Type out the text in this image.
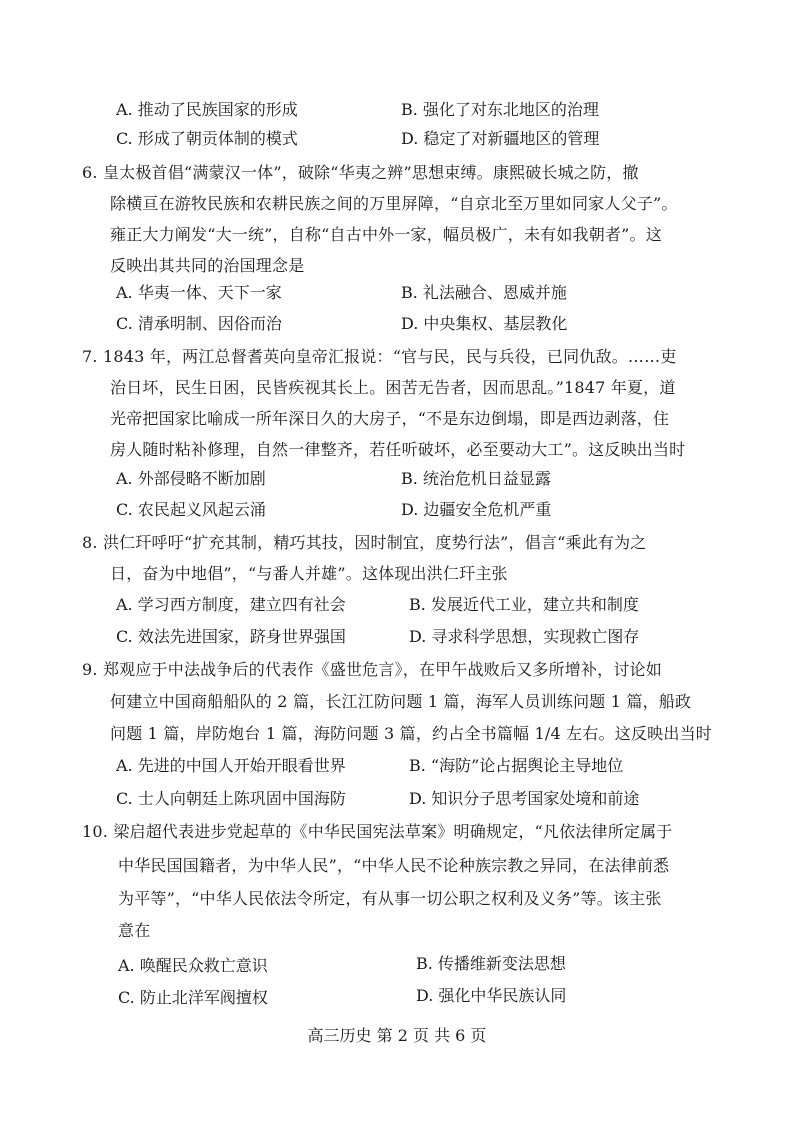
A. 推动了民族国家的形成	B. 强化了对东北地区的治理
C. 形成了朝贡体制的模式	D. 稳定了对新疆地区的管理
6. 皇太极首倡“满蒙汉一体”，破除“华夷之辨”思想束缚。康熙破长城之防，撤
除横亘在游牧民族和农耕民族之间的万里屏障，“自京北至万里如同家人父子”。
雍正大力阐发“大一统”，自称“自古中外一家，幅员极广，未有如我朝者”。这
反映出其共同的治国理念是
A. 华夷一体、天下一家	B. 礼法融合、恩威并施
C. 清承明制、因俗而治	D. 中央集权、基层教化
7. 1843 年，两江总督耆英向皇帝汇报说：“官与民，民与兵役，已同仇敌。……吏
治日坏，民生日困，民皆疾视其长上。困苦无告者，因而思乱。”1847 年夏，道
光帝把国家比喻成一所年深日久的大房子，“不是东边倒塌，即是西边剥落，住
房人随时粘补修理，自然一律整齐，若任听破坏，必至要动大工”。这反映出当时
A. 外部侵略不断加剧	B. 统治危机日益显露
C. 农民起义风起云涌	D. 边疆安全危机严重
8. 洪仁玕呼吁“扩充其制，精巧其技，因时制宜，度势行法”，倡言“乘此有为之
日，奋为中地倡”，“与番人并雄”。这体现出洪仁玕主张
A. 学习西方制度，建立四有社会	B. 发展近代工业，建立共和制度
C. 效法先进国家，跻身世界强国	D. 寻求科学思想，实现救亡图存
9. 郑观应于中法战争后的代表作《盛世危言》，在甲午战败后又多所增补，讨论如
何建立中国商船船队的 2 篇，长江江防问题 1 篇，海军人员训练问题 1 篇，船政
问题 1 篇，岸防炮台 1 篇，海防问题 3 篇，约占全书篇幅 1/4 左右。这反映出当时
A. 先进的中国人开始开眼看世界	B. “海防”论占据舆论主导地位
C. 士人向朝廷上陈巩固中国海防	D. 知识分子思考国家处境和前途
10. 梁启超代表进步党起草的《中华民国宪法草案》明确规定，“凡依法律所定属于
中华民国国籍者，为中华人民”，“中华人民不论种族宗教之异同，在法律前悉
为平等”，“中华人民依法令所定，有从事一切公职之权利及义务”等。该主张
意在
A. 唤醒民众救亡意识	B. 传播维新变法思想
C. 防止北洋军阀擅权	D. 强化中华民族认同
高三历史 第 2 页 共 6 页
